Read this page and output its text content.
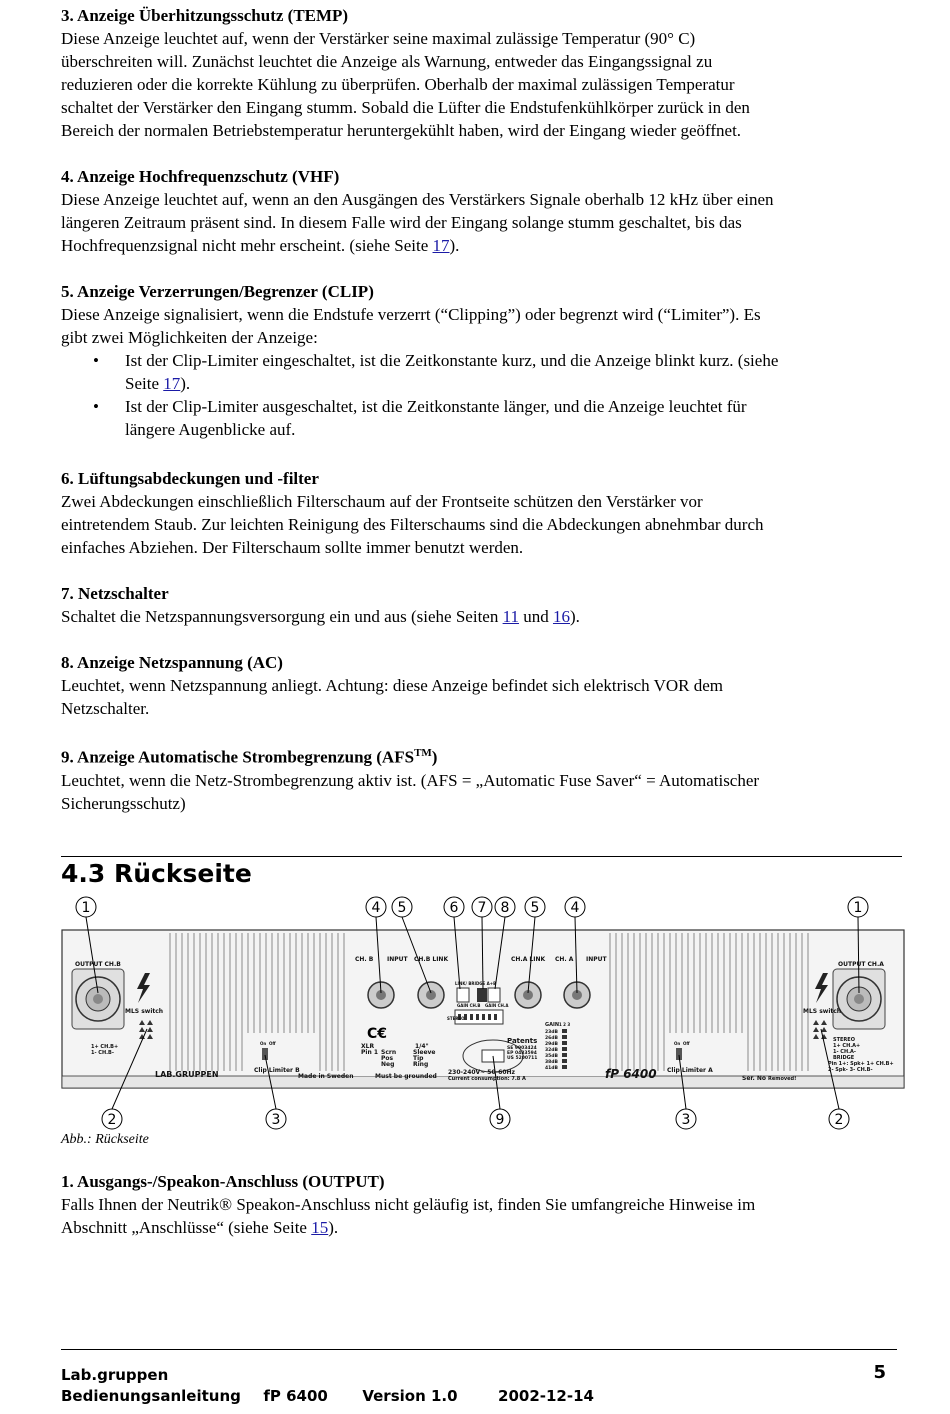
3. Anzeige Überhitzungsschutz (TEMP)

Diese Anzeige leuchtet auf, wenn der Verstärker seine maximal zulässige Temperatur (90° C)

überschreiten will. Zunächst leuchtet die Anzeige als Warnung, entweder das Eingangssignal zu

reduzieren oder die korrekte Kühlung zu überprüfen. Oberhalb der maximal zulässigen Temperatur

schaltet der Verstärker den Eingang stumm. Sobald die Lüfter die Endstufenkühlkörper zurück in den

Bereich der normalen Betriebstemperatur heruntergekühlt haben, wird der Eingang wieder geöffnet.

4. Anzeige Hochfrequenzschutz (VHF)

Diese Anzeige leuchtet auf, wenn an den Ausgängen des Verstärkers Signale oberhalb 12 kHz über einen

längeren Zeitraum präsent sind. In diesem Falle wird der Eingang solange stumm geschaltet, bis das

Hochfrequenzsignal nicht mehr erscheint. (siehe Seite 17).

5. Anzeige Verzerrungen/Begrenzer (CLIP)

Diese Anzeige signalisiert, wenn die Endstufe verzerrt (“Clipping”) oder begrenzt wird (“Limiter”). Es

gibt zwei Möglichkeiten der Anzeige:

• Ist der Clip-Limiter eingeschaltet, ist die Zeitkonstante kurz, und die Anzeige blinkt kurz. (siehe
Seite 17).
• Ist der Clip-Limiter ausgeschaltet, ist die Zeitkonstante länger, und die Anzeige leuchtet für
längere Augenblicke auf.

6. Lüftungsabdeckungen und -filter

Zwei Abdeckungen einschließlich Filterschaum auf der Frontseite schützen den Verstärker vor

eintretendem Staub. Zur leichten Reinigung des Filterschaums sind die Abdeckungen abnehmbar durch

einfaches Abziehen. Der Filterschaum sollte immer benutzt werden.

7. Netzschalter

Schaltet die Netzspannungsversorgung ein und aus (siehe Seiten 11 und 16).

8. Anzeige Netzspannung (AC)

Leuchtet, wenn Netzspannung anliegt. Achtung: diese Anzeige befindet sich elektrisch VOR dem

Netzschalter.

9. Anzeige Automatische Strombegrenzung (AFS™)

Leuchtet, wenn die Netz-Strombegrenzung aktiv ist. (AFS = „Automatic Fuse Saver“ = Automatischer

Sicherungsschutz)

4.3 Rückseite
1	4 5	6 7 8 5 4	1
2	3	9	3	2
C€
OUTPUT CH.B	OUTPUT CH.A
CH. B INPUT CH.B LINK	CH.A LINK CH. A INPUT
LINK/ BRIDGE A+B
GAIN CH.B GAIN CH.A
STEREO
MLS switch	MLS switch
1+ CH.B+
1- CH.B-
STEREO
1+ CH.A+
1- CH.A-
BRIDGE
Pin 1+: Spk+ 1+ CH.B+
2- Spk- 3- CH.B-
LAB.GRUPPEN	Clip Limiter B	Clip Limiter A
Made in Sweden
XLR
Pin 1 Scrn	Sleeve
Pos	Tip
Neg	Ring
1/4"
Must be grounded
Patents
SE 9903424
EP 0483594
US 5200711
230-240V~ 50-60Hz
Current consumption: 7.8 A
GAIN 1 2 3
23dB
26dB
29dB
32dB
35dB
38dB
41dB	fP 6400	Ser. No Removed!
On	On
Off	Off
Abb.: Rückseite

1. Ausgangs-/Speakon-Anschluss (OUTPUT)

Falls Ihnen der Neutrik® Speakon-Anschluss nicht geläufig ist, finden Sie umfangreiche Hinweise im

Abschnitt „Anschlüsse“ (siehe Seite 15).

Lab.gruppen
Bedienungsanleitung fP 6400 Version 1.0	2002-12-14
5
